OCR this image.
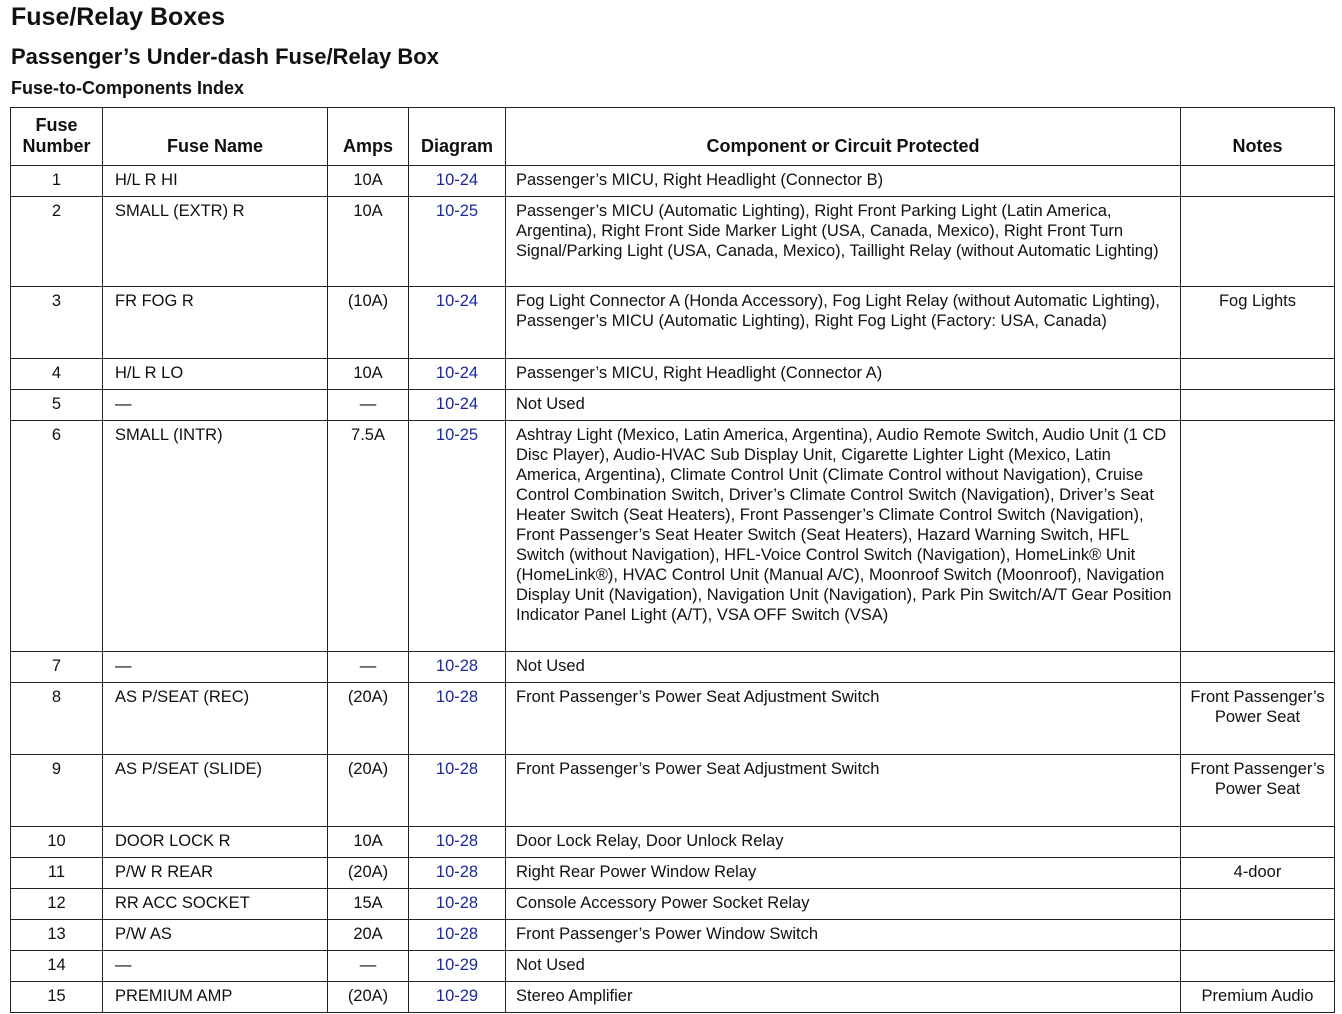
Fuse/Relay Boxes
Passenger’s Under-dash Fuse/Relay Box
Fuse-to-Components Index
Fuse Number	Fuse Name	Amps	Diagram	Component or Circuit Protected	Notes
1	H/L R HI	10A	10-24	Passenger’s MICU, Right Headlight (Connector B)	
2	SMALL (EXTR) R	10A	10-25	Passenger’s MICU (Automatic Lighting), Right Front Parking Light (Latin America, Argentina), Right Front Side Marker Light (USA, Canada, Mexico), Right Front Turn Signal/Parking Light (USA, Canada, Mexico), Taillight Relay (without Automatic Lighting)	
3	FR FOG R	(10A)	10-24	Fog Light Connector A (Honda Accessory), Fog Light Relay (without Automatic Lighting), Passenger’s MICU (Automatic Lighting), Right Fog Light (Factory: USA, Canada)	Fog Lights
4	H/L R LO	10A	10-24	Passenger’s MICU, Right Headlight (Connector A)	
5	—	—	10-24	Not Used	
6	SMALL (INTR)	7.5A	10-25	Ashtray Light (Mexico, Latin America, Argentina), Audio Remote Switch, Audio Unit (1 CD Disc Player), Audio-HVAC Sub Display Unit, Cigarette Lighter Light (Mexico, Latin America, Argentina), Climate Control Unit (Climate Control without Navigation), Cruise Control Combination Switch, Driver’s Climate Control Switch (Navigation), Driver’s Seat Heater Switch (Seat Heaters), Front Passenger’s Climate Control Switch (Navigation), Front Passenger’s Seat Heater Switch (Seat Heaters), Hazard Warning Switch, HFL Switch (without Navigation), HFL-Voice Control Switch (Navigation), HomeLink® Unit (HomeLink®), HVAC Control Unit (Manual A/C), Moonroof Switch (Moonroof), Navigation Display Unit (Navigation), Navigation Unit (Navigation), Park Pin Switch/A/T Gear Position Indicator Panel Light (A/T), VSA OFF Switch (VSA)	
7	—	—	10-28	Not Used	
8	AS P/SEAT (REC)	(20A)	10-28	Front Passenger’s Power Seat Adjustment Switch	Front Passenger’s Power Seat
9	AS P/SEAT (SLIDE)	(20A)	10-28	Front Passenger’s Power Seat Adjustment Switch	Front Passenger’s Power Seat
10	DOOR LOCK R	10A	10-28	Door Lock Relay, Door Unlock Relay	
11	P/W R REAR	(20A)	10-28	Right Rear Power Window Relay	4-door
12	RR ACC SOCKET	15A	10-28	Console Accessory Power Socket Relay	
13	P/W AS	20A	10-28	Front Passenger’s Power Window Switch	
14	—	—	10-29	Not Used	
15	PREMIUM AMP	(20A)	10-29	Stereo Amplifier	Premium Audio
